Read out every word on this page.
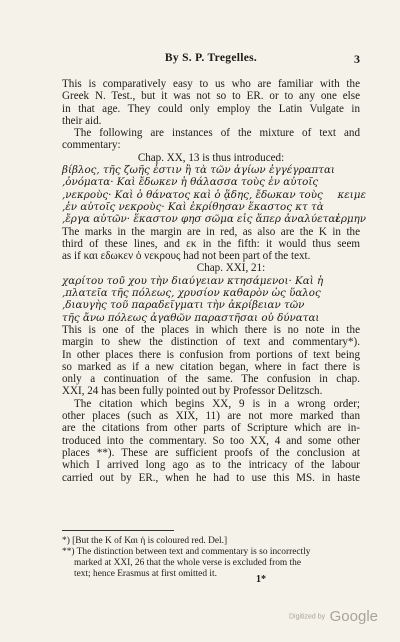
By S. P. Tregelles.	3
This is comparatively easy to us who are familiar with the
Greek N. Test., but it was not so to ER. or to any one else
in that age. They could only employ the Latin Vulgate in
their aid.
The following are instances of the mixture of text and
commentary:
Chap. XX, 13 is thus introduced:
βίβλος, τῆς ζωῆς ἐστιν ἢ τὰ τῶν ἁγίων ἐγγέγραπται
‚ὀνόματα· Καὶ ἔδωκεν ἡ θάλασσα τοὺς ἐν αὐτοῖς
‚νεκροὺς· Καὶ ὁ θάνατος καὶ ὁ ᾅδης, ἔδωκαν τοὺς κειμε
‚ἐν αὐτοῖς νεκροὺς· Καὶ ἐκρίθησαν ἕκαστος κτ τὰ
‚ἔργα αὐτῶν· ἕκαστον φησ σῶμα εἰς ἅπερ ἀναλύεται
ἑρμην
The marks in the margin are in red, as also are the K in the
third of these lines, and εκ in the fifth: it would thus seem
as if και εδωκεν ὁ νεκρους had not been part of the text.
Chap. XXI, 21:
χαρίτου τοῦ χου τὴν διαύγειαν κτησάμενοι· Καὶ ἡ
‚πλατεῖα τῆς πόλεως, χρυσίον καθαρὸν ὡς ὕαλος
‚διαυγὴς τοῦ παραδεῖγματι τὴν ἀκρίβειαν τῶν
τῆς ἄνω πόλεως ἀγαθῶν παραστῆσαι οὐ δύναται
This is one of the places in which there is no note in the
margin to shew the distinction of text and commentary*).
In other places there is confusion from portions of text being
so marked as if a new citation began, where in fact there is
only a continuation of the same. The confusion in chap.
XXI, 24 has been fully pointed out by Professor Delitzsch.
The citation which begins XX, 9 is in a wrong order;
other places (such as XIX, 11) are not more marked than
are the citations from other parts of Scripture which are in-
troduced into the commentary. So too XX, 4 and some other
places **). These are sufficient proofs of the conclusion at
which I arrived long ago as to the intricacy of the labour
carried out by ER., when he had to use this MS. in haste
*) [But the K of Και ἡ is coloured red. Del.]
**) The distinction between text and commentary is so incorrectly
marked at XXI, 26 that the whole verse is excluded from the
text; hence Erasmus at first omitted it.	1*
Digitized by Google
